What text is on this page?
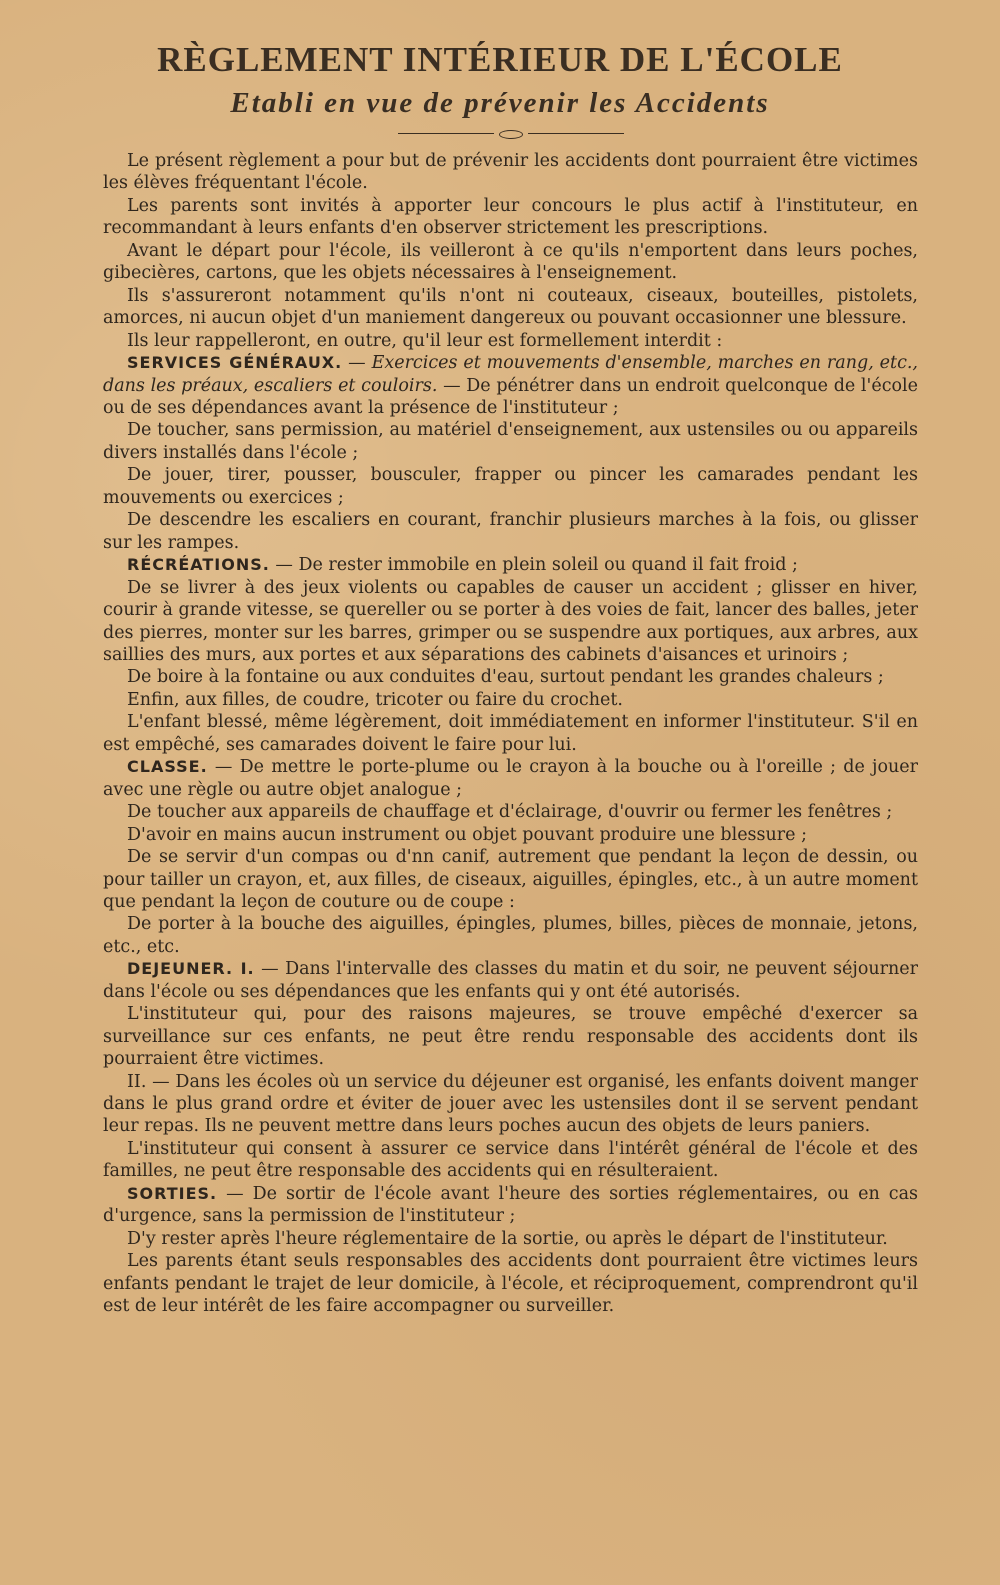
RÈGLEMENT INTÉRIEUR DE L'ÉCOLE
Etabli en vue de prévenir les Accidents

Le présent règlement a pour but de prévenir les accidents dont pourraient être victimes les élèves fréquentant l'école.

Les parents sont invités à apporter leur concours le plus actif à l'instituteur, en recommandant à leurs enfants d'en observer strictement les prescriptions.

Avant le départ pour l'école, ils veilleront à ce qu'ils n'emportent dans leurs poches, gibecières, cartons, que les objets nécessaires à l'enseignement.

Ils s'assureront notamment qu'ils n'ont ni couteaux, ciseaux, bouteilles, pistolets, amorces, ni aucun objet d'un maniement dangereux ou pouvant occasionner une blessure.

Ils leur rappelleront, en outre, qu'il leur est formellement interdit :

SERVICES GÉNÉRAUX. — Exercices et mouvements d'ensemble, marches en rang, etc., dans les préaux, escaliers et couloirs. — De pénétrer dans un endroit quelconque de l'école ou de ses dépendances avant la présence de l'instituteur ;

De toucher, sans permission, au matériel d'enseignement, aux ustensiles ou ou appareils divers installés dans l'école ;

De jouer, tirer, pousser, bousculer, frapper ou pincer les camarades pendant les mouvements ou exercices ;

De descendre les escaliers en courant, franchir plusieurs marches à la fois, ou glisser sur les rampes.

RÉCRÉATIONS. — De rester immobile en plein soleil ou quand il fait froid ;

De se livrer à des jeux violents ou capables de causer un accident ; glisser en hiver, courir à grande vitesse, se quereller ou se porter à des voies de fait, lancer des balles, jeter des pierres, monter sur les barres, grimper ou se suspendre aux portiques, aux arbres, aux saillies des murs, aux portes et aux séparations des cabinets d'aisances et urinoirs ;

De boire à la fontaine ou aux conduites d'eau, surtout pendant les grandes chaleurs ;

Enfin, aux filles, de coudre, tricoter ou faire du crochet.

L'enfant blessé, même légèrement, doit immédiatement en informer l'instituteur. S'il en est empêché, ses camarades doivent le faire pour lui.

CLASSE. — De mettre le porte-plume ou le crayon à la bouche ou à l'oreille ; de jouer avec une règle ou autre objet analogue ;

De toucher aux appareils de chauffage et d'éclairage, d'ouvrir ou fermer les fenêtres ;

D'avoir en mains aucun instrument ou objet pouvant produire une blessure ;

De se servir d'un compas ou d'nn canif, autrement que pendant la leçon de dessin, ou pour tailler un crayon, et, aux filles, de ciseaux, aiguilles, épingles, etc., à un autre moment que pendant la leçon de couture ou de coupe :

De porter à la bouche des aiguilles, épingles, plumes, billes, pièces de monnaie, jetons, etc., etc.

DEJEUNER. I. — Dans l'intervalle des classes du matin et du soir, ne peuvent séjourner dans l'école ou ses dépendances que les enfants qui y ont été autorisés.

L'instituteur qui, pour des raisons majeures, se trouve empêché d'exercer sa surveillance sur ces enfants, ne peut être rendu responsable des accidents dont ils pourraient être victimes.

II. — Dans les écoles où un service du déjeuner est organisé, les enfants doivent manger dans le plus grand ordre et éviter de jouer avec les ustensiles dont il se servent pendant leur repas. Ils ne peuvent mettre dans leurs poches aucun des objets de leurs paniers.

L'instituteur qui consent à assurer ce service dans l'intérêt général de l'école et des familles, ne peut être responsable des accidents qui en résulteraient.

SORTIES. — De sortir de l'école avant l'heure des sorties réglementaires, ou en cas d'urgence, sans la permission de l'instituteur ;

D'y rester après l'heure réglementaire de la sortie, ou après le départ de l'instituteur.

Les parents étant seuls responsables des accidents dont pourraient être victimes leurs enfants pendant le trajet de leur domicile, à l'école, et réciproquement, comprendront qu'il est de leur intérêt de les faire accompagner ou surveiller.
